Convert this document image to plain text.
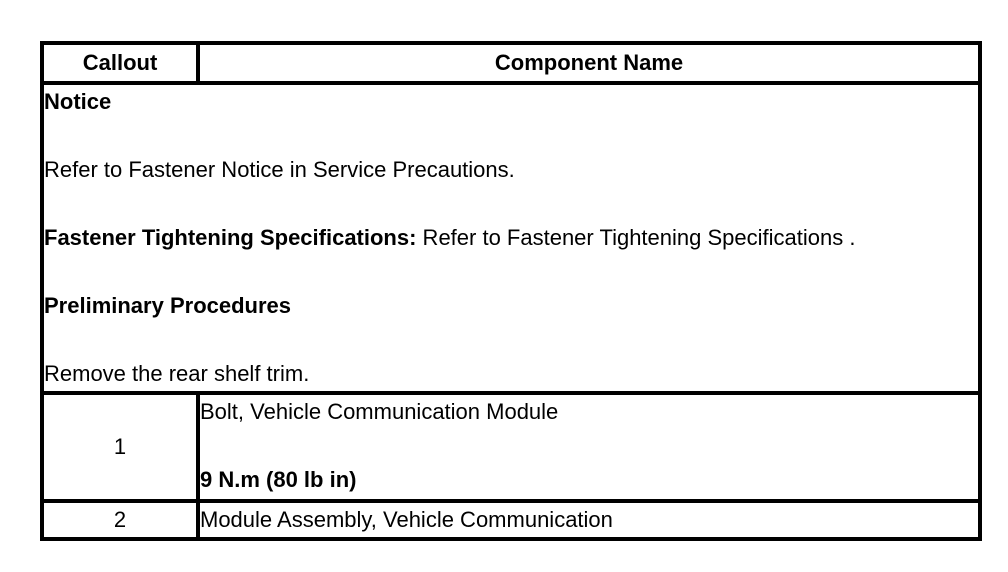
Callout	Component Name

Notice

Refer to Fastener Notice in Service Precautions.

Fastener Tightening Specifications: Refer to Fastener Tightening Specifications .

Preliminary Procedures

Remove the rear shelf trim.	

1	Bolt, Vehicle Communication Module

9 N.m (80 lb in)

2	Module Assembly, Vehicle Communication
